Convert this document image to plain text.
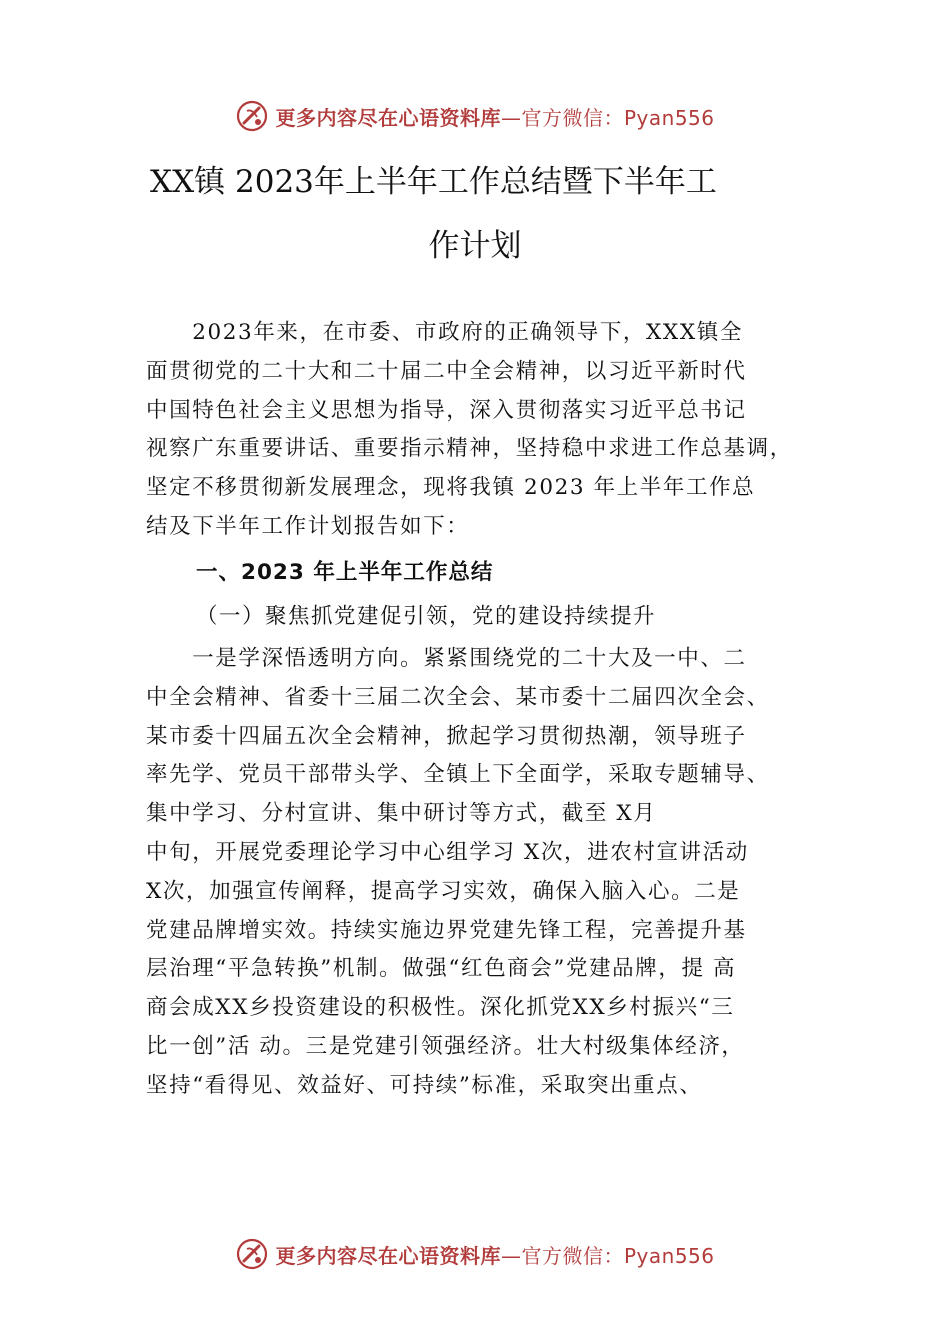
更多内容尽在心语资料库—官方微信：Pyan556
XX镇 2023年上半年工作总结暨下半年工
作计划
　　2023年来，在市委、市政府的正确领导下，XXX镇全
面贯彻党的二十大和二十届二中全会精神，以习近平新时代
中国特色社会主义思想为指导，深入贯彻落实习近平总书记
视察广东重要讲话、重要指示精神，坚持稳中求进工作总基调，
坚定不移贯彻新发展理念，现将我镇 2023 年上半年工作总
结及下半年工作计划报告如下：
一、2023 年上半年工作总结
（一）聚焦抓党建促引领，党的建设持续提升
　　一是学深悟透明方向。紧紧围绕党的二十大及一中、二
中全会精神、省委十三届二次全会、某市委十二届四次全会、
某市委十四届五次全会精神，掀起学习贯彻热潮，领导班子
率先学、党员干部带头学、全镇上下全面学，采取专题辅导、
集中学习、分村宣讲、集中研讨等方式，截至 X月
中旬，开展党委理论学习中心组学习 X次，进农村宣讲活动
X次，加强宣传阐释，提高学习实效，确保入脑入心。二是
党建品牌增实效。持续实施边界党建先锋工程，完善提升基
层治理“平急转换”机制。做强“红色商会”党建品牌，提 高
商会成XX乡投资建设的积极性。深化抓党XX乡村振兴“三
比一创”活 动。三是党建引领强经济。壮大村级集体经济，
坚持“看得见、效益好、可持续”标准，采取突出重点、
更多内容尽在心语资料库—官方微信：Pyan556
